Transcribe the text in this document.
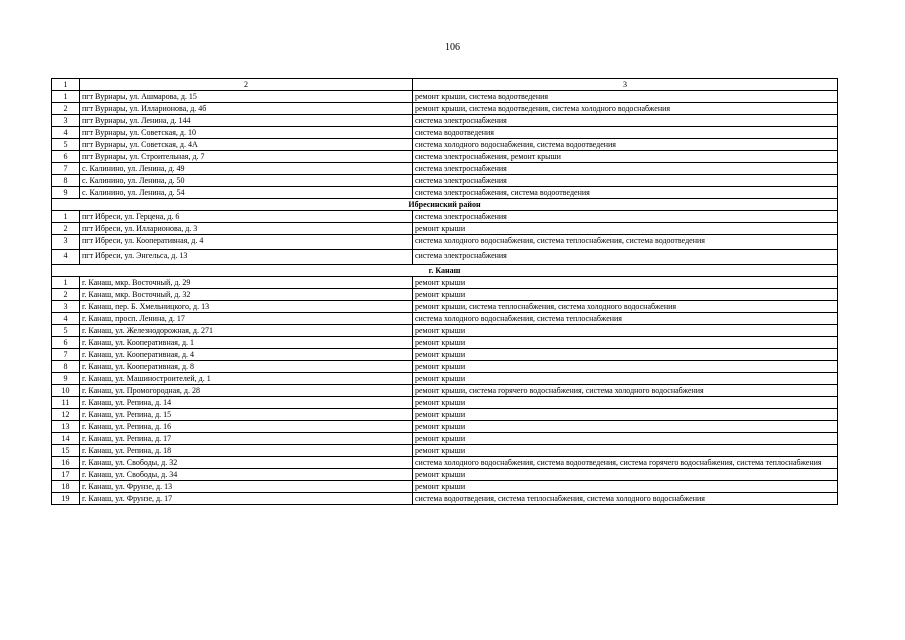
106
1	2	3
1	пгт Вурнары, ул. Ашмарова, д. 15	ремонт крыши, система водоотведения
2	пгт Вурнары, ул. Илларионова, д. 4б	ремонт крыши, система водоотведения, система холодного водоснабжения
3	пгт Вурнары, ул. Ленина, д. 144	система электроснабжения
4	пгт Вурнары, ул. Советская, д. 10	система водоотведения
5	пгт Вурнары, ул. Советская, д. 4А	система холодного водоснабжения, система водоотведения
6	пгт Вурнары, ул. Строительная, д. 7	система электроснабжения, ремонт крыши
7	с. Калинино, ул. Ленина, д. 49	система электроснабжения
8	с. Калинино, ул. Ленина, д. 50	система электроснабжения
9	с. Калинино, ул. Ленина, д. 54	система электроснабжения, система водоотведения
Ибресинский район		
1	пгт Ибреси, ул. Герцена, д. 6	система электроснабжения
2	пгт Ибреси, ул. Илларионова, д. 3	ремонт крыши
3	пгт Ибреси, ул. Кооперативная, д. 4	система холодного водоснабжения, система теплоснабжения, система водоотведения
4	пгт Ибреси, ул. Энгельса, д. 13	система электроснабжения
г. Канаш		
1	г. Канаш, мкр. Восточный, д. 29	ремонт крыши
2	г. Канаш, мкр. Восточный, д. 32	ремонт крыши
3	г. Канаш, пер. Б. Хмельницкого, д. 13	ремонт крыши, система теплоснабжения, система холодного водоснабжения
4	г. Канаш, просп. Ленина, д. 17	система холодного водоснабжения, система теплоснабжения
5	г. Канаш, ул. Железнодорожная, д. 271	ремонт крыши
6	г. Канаш, ул. Кооперативная, д. 1	ремонт крыши
7	г. Канаш, ул. Кооперативная, д. 4	ремонт крыши
8	г. Канаш, ул. Кооперативная, д. 8	ремонт крыши
9	г. Канаш, ул. Машиностроителей, д. 1	ремонт крыши
10	г. Канаш, ул. Промогородная, д. 28	ремонт крыши, система горячего водоснабжения, система холодного водоснабжения
11	г. Канаш, ул. Репина, д. 14	ремонт крыши
12	г. Канаш, ул. Репина, д. 15	ремонт крыши
13	г. Канаш, ул. Репина, д. 16	ремонт крыши
14	г. Канаш, ул. Репина, д. 17	ремонт крыши
15	г. Канаш, ул. Репина, д. 18	ремонт крыши
16	г. Канаш, ул. Свободы, д. 32	система холодного водоснабжения, система водоотведения, система горячего водоснабжения, система теплоснабжения
17	г. Канаш, ул. Свободы, д. 34	ремонт крыши
18	г. Канаш, ул. Фрунзе, д. 13	ремонт крыши
19	г. Канаш, ул. Фрунзе, д. 17	система водоотведения, система теплоснабжения, система холодного водоснабжения
